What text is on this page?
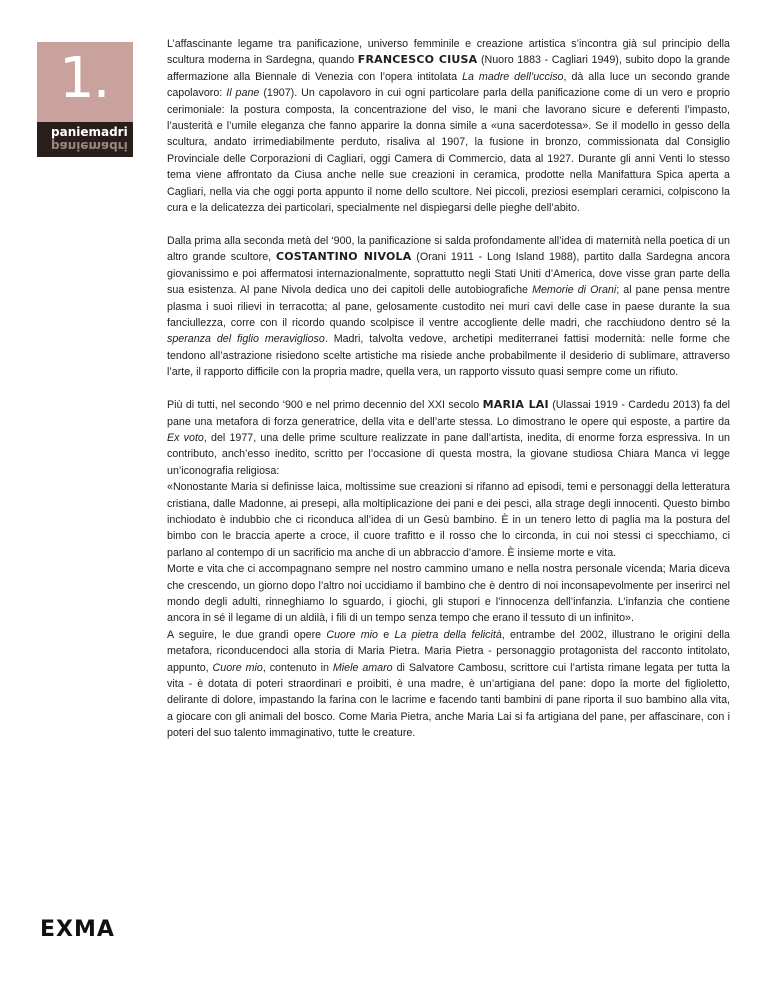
1.
paniemadri
paniemadri

L’affascinante legame tra panificazione, universo femminile e creazione artistica s’incontra già sul principio della scultura moderna in Sardegna, quando FRANCESCO CIUSA (Nuoro 1883 - Cagliari 1949), subito dopo la grande affermazione alla Biennale di Venezia con l’opera intitolata La madre dell’ucciso, dà alla luce un secondo grande capolavoro: Il pane (1907). Un capolavoro in cui ogni particolare parla della panificazione come di un vero e proprio cerimoniale: la postura composta, la concentrazione del viso, le mani che lavorano sicure e deferenti l’impasto, l’austerità e l’umile eleganza che fanno apparire la donna simile a «una sacerdotessa». Se il modello in gesso della scultura, andato irrimediabilmente perduto, risaliva al 1907, la fusione in bronzo, commissionata dal Consiglio Provinciale delle Corporazioni di Cagliari, oggi Camera di Commercio, data al 1927. Durante gli anni Venti lo stesso tema viene affrontato da Ciusa anche nelle sue creazioni in ceramica, prodotte nella Manifattura Spica aperta a Cagliari, nella via che oggi porta appunto il nome dello scultore. Nei piccoli, preziosi esemplari ceramici, colpiscono la cura e la delicatezza dei particolari, specialmente nel dispiegarsi delle pieghe dell’abito.

Dalla prima alla seconda metà del ‘900, la panificazione si salda profondamente all’idea di maternità nella poetica di un altro grande scultore, COSTANTINO NIVOLA (Orani 1911 - Long Island 1988), partito dalla Sardegna ancora giovanissimo e poi affermatosi internazionalmente, soprattutto negli Stati Uniti d’America, dove visse gran parte della sua esistenza. Al pane Nivola dedica uno dei capitoli delle autobiografiche Memorie di Orani; al pane pensa mentre plasma i suoi rilievi in terracotta; al pane, gelosamente custodito nei muri cavi delle case in paese durante la sua fanciullezza, corre con il ricordo quando scolpisce il ventre accogliente delle madri, che racchiudono dentro sé la speranza del figlio meraviglioso. Madri, talvolta vedove, archetipi mediterranei fattisi modernità: nelle forme che tendono all’astrazione risiedono scelte artistiche ma risiede anche probabilmente il desiderio di sublimare, attraverso l’arte, il rapporto difficile con la propria madre, quella vera, un rapporto vissuto quasi sempre come un rifiuto.

Più di tutti, nel secondo ‘900 e nel primo decennio del XXI secolo MARIA LAI (Ulassai 1919 - Cardedu 2013) fa del pane una metafora di forza generatrice, della vita e dell’arte stessa. Lo dimostrano le opere qui esposte, a partire da Ex voto, del 1977, una delle prime sculture realizzate in pane dall’artista, inedita, di enorme forza espressiva. In un contributo, anch’esso inedito, scritto per l’occasione di questa mostra, la giovane studiosa Chiara Manca vi legge un’iconografia religiosa:

«Nonostante Maria si definisse laica, moltissime sue creazioni si rifanno ad episodi, temi e personaggi della letteratura cristiana, dalle Madonne, ai presepi, alla moltiplicazione dei pani e dei pesci, alla strage degli innocenti. Questo bimbo inchiodato è indubbio che ci riconduca all’idea di un Gesù bambino. È in un tenero letto di paglia ma la postura del bimbo con le braccia aperte a croce, il cuore trafitto e il rosso che lo circonda, in cui noi stessi ci specchiamo, ci parlano al contempo di un sacrificio ma anche di un abbraccio d’amore. È insieme morte e vita.

Morte e vita che ci accompagnano sempre nel nostro cammino umano e nella nostra personale vicenda; Maria diceva che crescendo, un giorno dopo l’altro noi uccidiamo il bambino che è dentro di noi inconsapevolmente per inserirci nel mondo degli adulti, rinneghiamo lo sguardo, i giochi, gli stupori e l’innocenza dell’infanzia. L’infanzia che contiene ancora in sé il legame di un aldilà, i fili di un tempo senza tempo che erano il tessuto di un infinito».

A seguire, le due grandi opere Cuore mio e La pietra della felicità, entrambe del 2002, illustrano le origini della metafora, riconducendoci alla storia di Maria Pietra. Maria Pietra - personaggio protagonista del racconto intitolato, appunto, Cuore mio, contenuto in Miele amaro di Salvatore Cambosu, scrittore cui l’artista rimane legata per tutta la vita - è dotata di poteri straordinari e proibiti, è una madre, è un’artigiana del pane: dopo la morte del figlioletto, delirante di dolore, impastando la farina con le lacrime e facendo tanti bambini di pane riporta il suo bambino alla vita, a giocare con gli animali del bosco. Come Maria Pietra, anche Maria Lai si fa artigiana del pane, per affascinare, con i poteri del suo talento immaginativo, tutte le creature.

EXMA
